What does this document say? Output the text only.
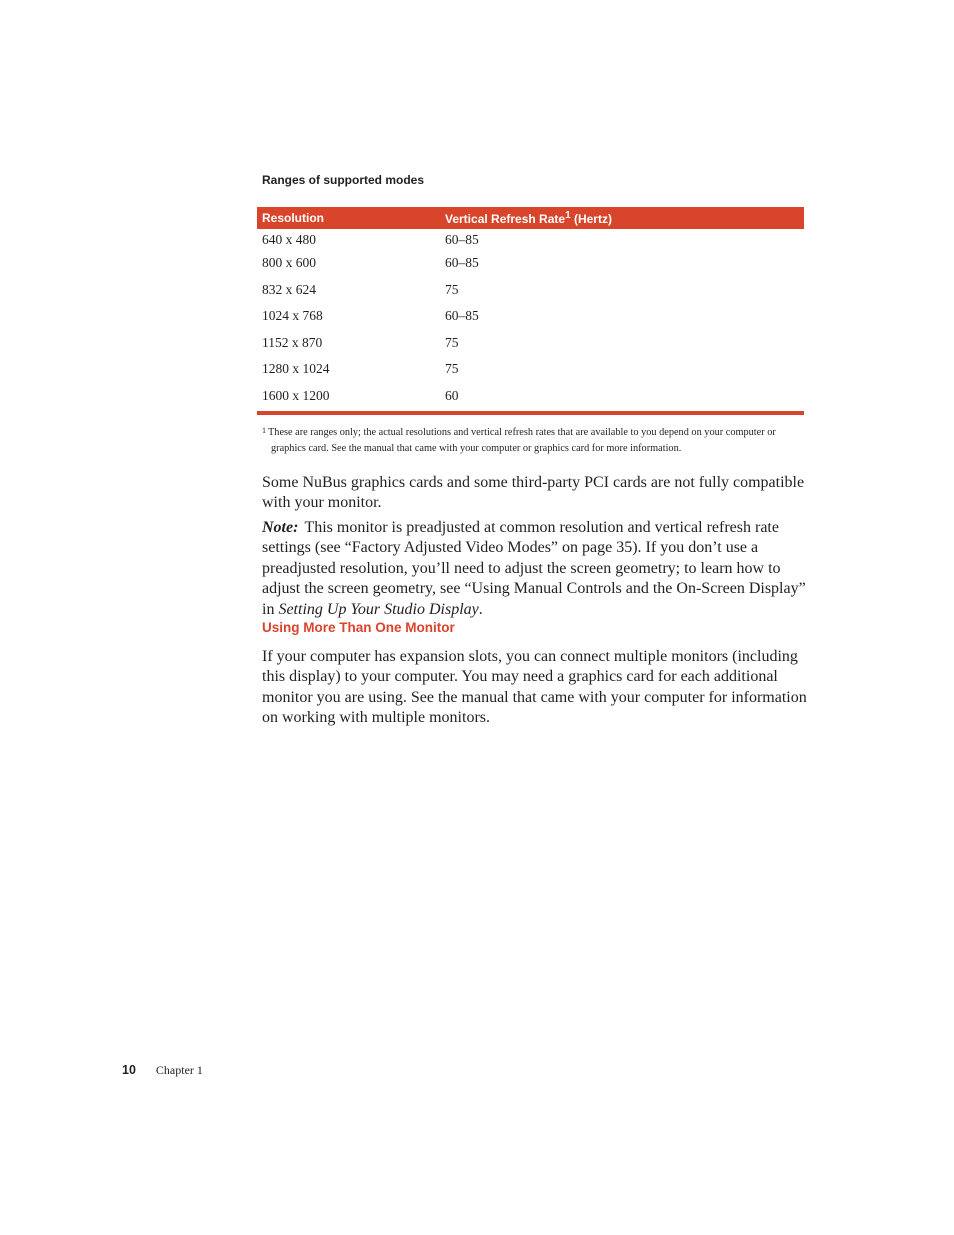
Ranges of supported modes

Resolution	Vertical Refresh Rate$^1$ (Hertz)
640 x 480	60–85
800 x 600	60–85
832 x 624	75
1024 x 768	60–85
1152 x 870	75
1280 x 1024	75
1600 x 1200	60

$^1$ These are ranges only; the actual resolutions and vertical refresh rates that are available to you depend on your computer or graphics card. See the manual that came with your computer or graphics card for more information.

Some NuBus graphics cards and some third-party PCI cards are not fully compatible with your monitor.

Note: This monitor is preadjusted at common resolution and vertical refresh rate settings (see “Factory Adjusted Video Modes” on page 35). If you don’t use a preadjusted resolution, you’ll need to adjust the screen geometry; to learn how to adjust the screen geometry, see “Using Manual Controls and the On-Screen Display” in Setting Up Your Studio Display.

Using More Than One Monitor

If your computer has expansion slots, you can connect multiple monitors (including this display) to your computer. You may need a graphics card for each additional monitor you are using. See the manual that came with your computer for information on working with multiple monitors.

10 Chapter 1
